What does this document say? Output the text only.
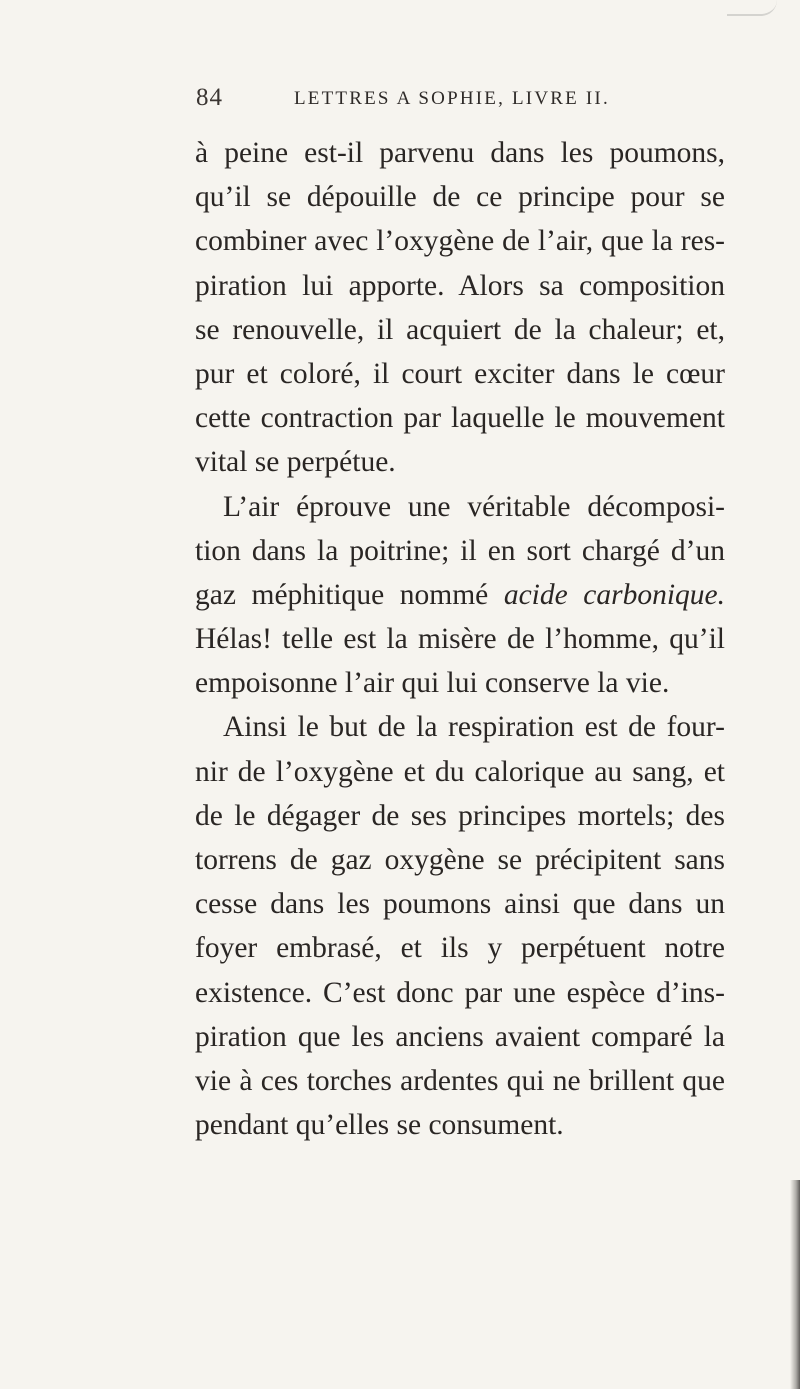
84	LETTRES A SOPHIE, LIVRE II.
à peine est-il parvenu dans les poumons,
qu’il se dépouille de ce principe pour se
combiner avec l’oxygène de l’air, que la res-
piration lui apporte. Alors sa composition
se renouvelle, il acquiert de la chaleur; et,
pur et coloré, il court exciter dans le cœur
cette contraction par laquelle le mouvement
vital se perpétue.
L’air éprouve une véritable décomposi-
tion dans la poitrine; il en sort chargé d’un
gaz méphitique nommé acide carbonique.
Hélas! telle est la misère de l’homme, qu’il
empoisonne l’air qui lui conserve la vie.
Ainsi le but de la respiration est de four-
nir de l’oxygène et du calorique au sang, et
de le dégager de ses principes mortels; des
torrens de gaz oxygène se précipitent sans
cesse dans les poumons ainsi que dans un
foyer embrasé, et ils y perpétuent notre
existence. C’est donc par une espèce d’ins-
piration que les anciens avaient comparé la
vie à ces torches ardentes qui ne brillent que
pendant qu’elles se consument.
